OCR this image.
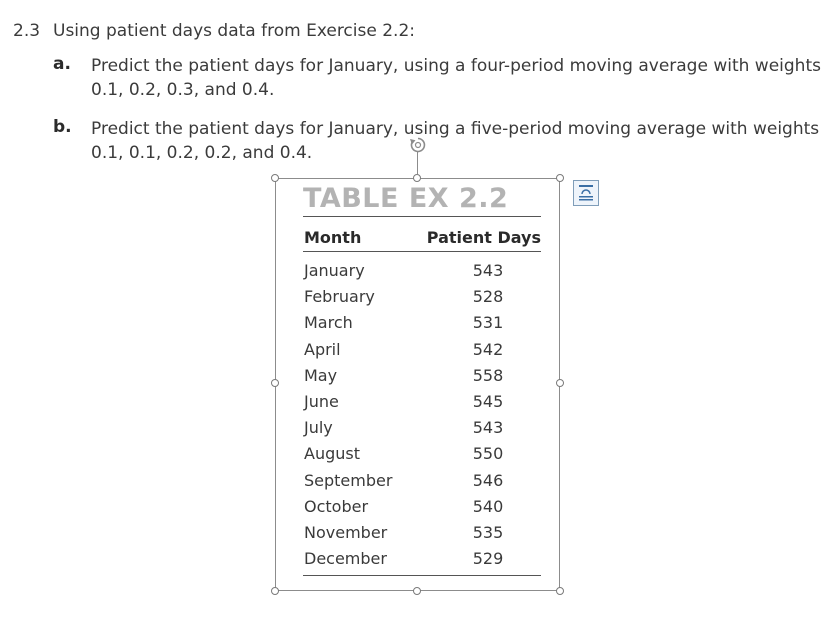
2.3 Using patient days data from Exercise 2.2:
a. Predict the patient days for January, using a four-period moving average with weights 0.1, 0.2, 0.3, and 0.4.
b. Predict the patient days for January, using a five-period moving average with weights 0.1, 0.1, 0.2, 0.2, and 0.4.
TABLE EX 2.2
Month	Patient Days
January	543
February	528
March	531
April	542
May	558
June	545
July	543
August	550
September	546
October	540
November	535
December	529
